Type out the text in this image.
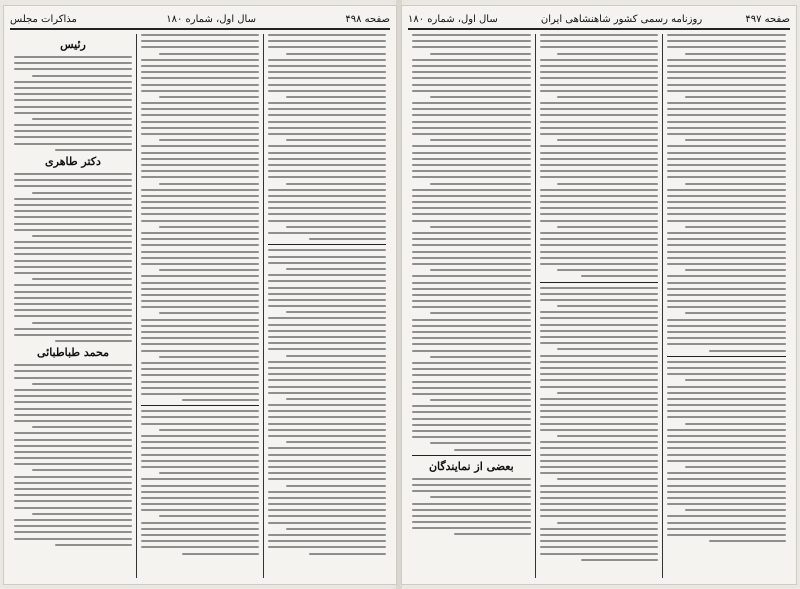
صفحه ۴۹۸
سال اول، شماره ۱۸۰
مذاکرات مجلس
رئیس
دکتر طاهری
محمد طباطبائی
صفحه ۴۹۷
روزنامه رسمی کشور شاهنشاهی ایران
سال اول، شماره ۱۸۰
بعضی از نمایندگان
